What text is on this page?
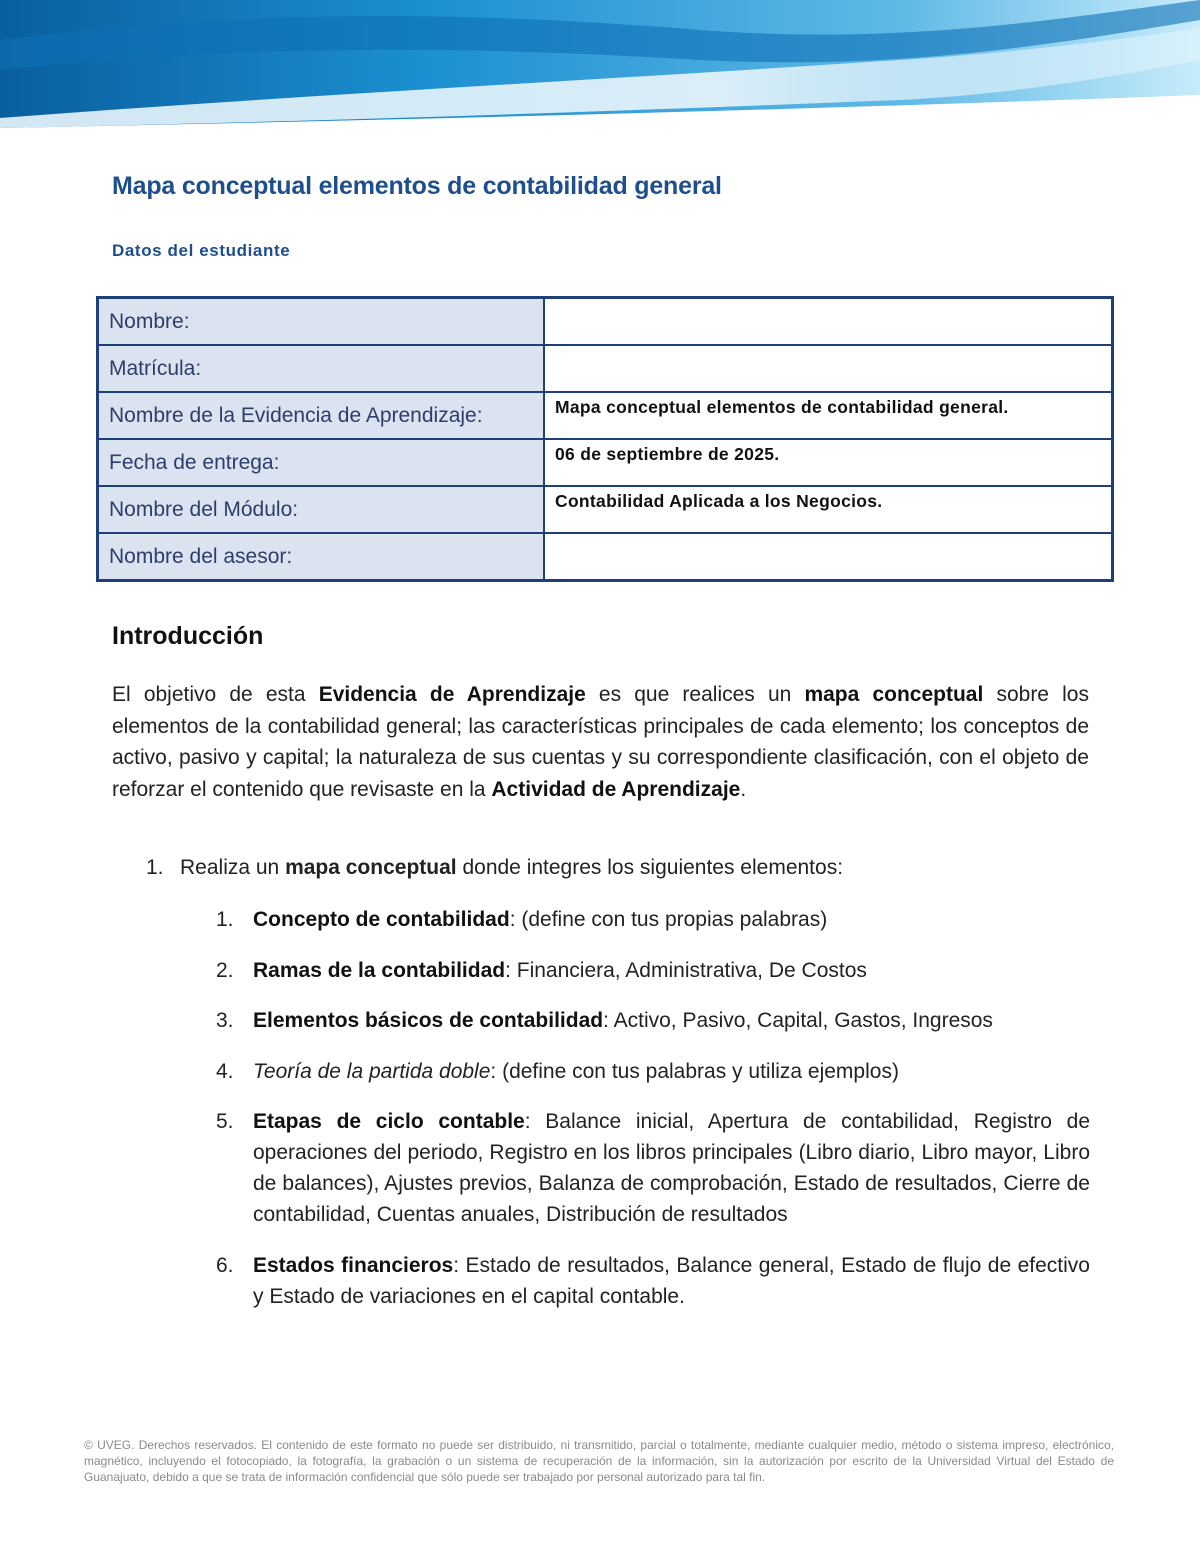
Mapa conceptual elementos de contabilidad general
Datos del estudiante
Nombre:	
Matrícula:	
Nombre de la Evidencia de Aprendizaje:	Mapa conceptual elementos de contabilidad general.
Fecha de entrega:	06 de septiembre de 2025.
Nombre del Módulo:	Contabilidad Aplicada a los Negocios.
Nombre del asesor:	
Introducción
El objetivo de esta Evidencia de Aprendizaje es que realices un mapa conceptual sobre los elementos de la contabilidad general; las características principales de cada elemento; los conceptos de activo, pasivo y capital; la naturaleza de sus cuentas y su correspondiente clasificación, con el objeto de reforzar el contenido que revisaste en la Actividad de Aprendizaje.
1. Realiza un mapa conceptual donde integres los siguientes elementos:
1. Concepto de contabilidad: (define con tus propias palabras)
2. Ramas de la contabilidad: Financiera, Administrativa, De Costos
3. Elementos básicos de contabilidad: Activo, Pasivo, Capital, Gastos, Ingresos
4. Teoría de la partida doble: (define con tus palabras y utiliza ejemplos)
5. Etapas de ciclo contable: Balance inicial, Apertura de contabilidad, Registro de operaciones del periodo, Registro en los libros principales (Libro diario, Libro mayor, Libro de balances), Ajustes previos, Balanza de comprobación, Estado de resultados, Cierre de contabilidad, Cuentas anuales, Distribución de resultados
6. Estados financieros: Estado de resultados, Balance general, Estado de flujo de efectivo y Estado de variaciones en el capital contable.
© UVEG. Derechos reservados. El contenido de este formato no puede ser distribuido, ni transmitido, parcial o totalmente, mediante cualquier medio, método o sistema impreso, electrónico, magnético, incluyendo el fotocopiado, la fotografía, la grabación o un sistema de recuperación de la información, sin la autorización por escrito de la Universidad Virtual del Estado de Guanajuato, debido a que se trata de información confidencial que sólo puede ser trabajado por personal autorizado para tal fin.
